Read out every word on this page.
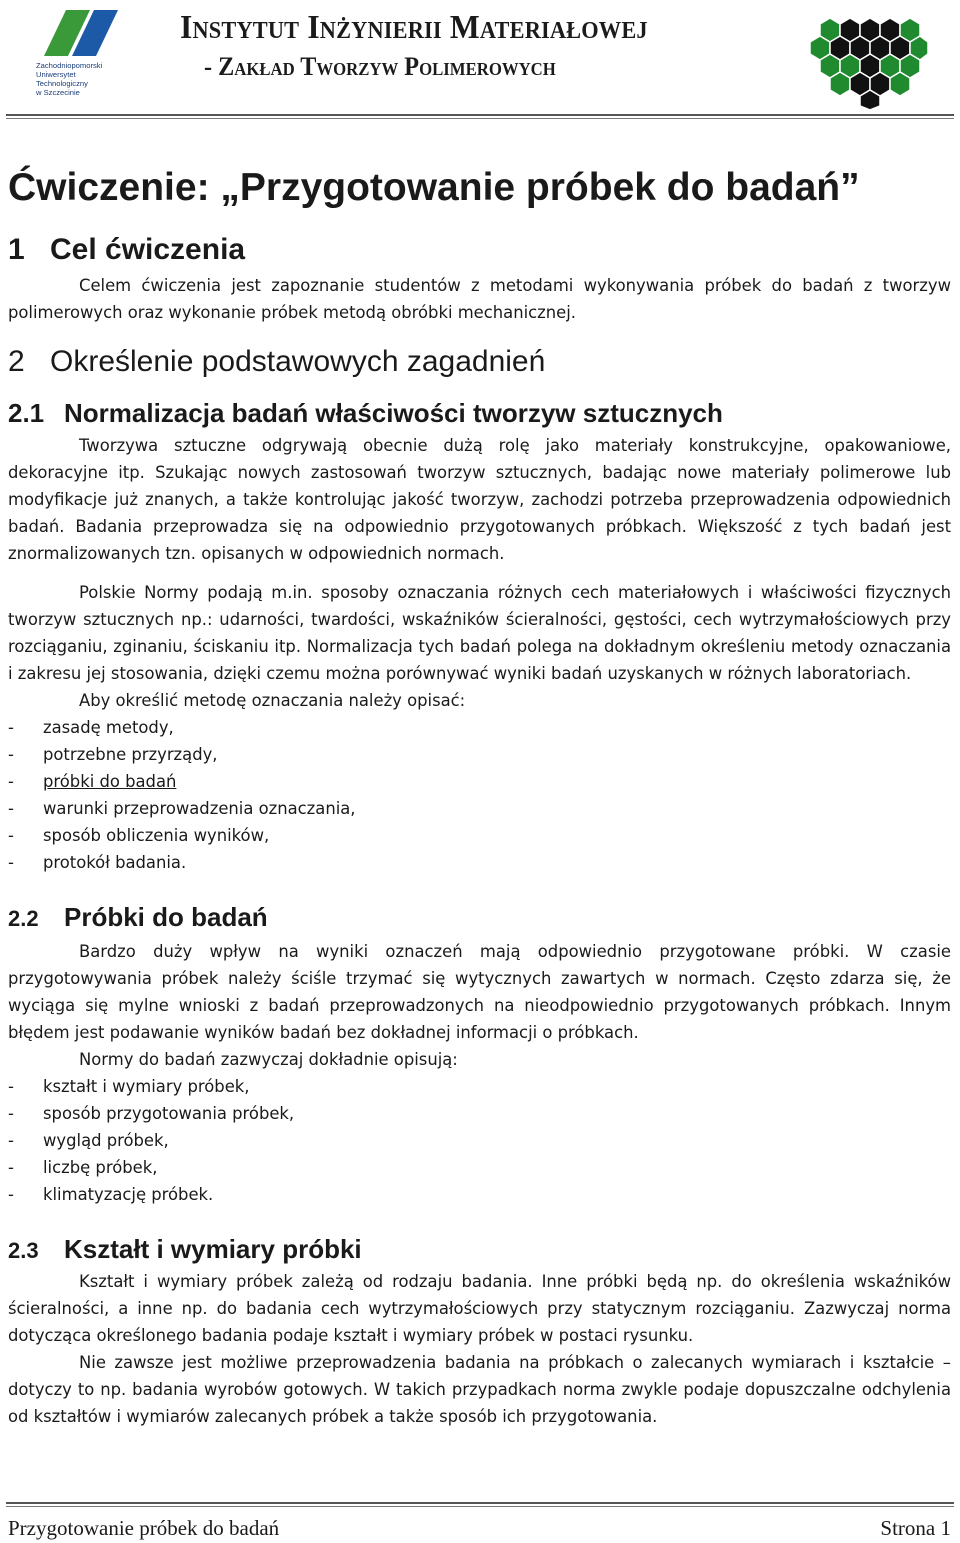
Zachodniopomorski
Uniwersytet
Technologiczny
w Szczecinie
Instytut Inżynierii Materiałowej
- Zakład Tworzyw Polimerowych
Ćwiczenie: „Przygotowanie próbek do badań”
1 Cel ćwiczenia

Celem ćwiczenia jest zapoznanie studentów z metodami wykonywania próbek do badań z tworzyw polimerowych oraz wykonanie próbek metodą obróbki mechanicznej.

2 Określenie podstawowych zagadnień
2.1 Normalizacja badań właściwości tworzyw sztucznych

Tworzywa sztuczne odgrywają obecnie dużą rolę jako materiały konstrukcyjne, opakowaniowe, dekoracyjne itp. Szukając nowych zastosowań tworzyw sztucznych, badając nowe materiały polimerowe lub modyfikacje już znanych, a także kontrolując jakość tworzyw, zachodzi potrzeba przeprowadzenia odpowiednich badań. Badania przeprowadza się na odpowiednio przygotowanych próbkach. Większość z tych badań jest znormalizowanych tzn. opisanych w odpowiednich normach.

Polskie Normy podają m.in. sposoby oznaczania różnych cech materiałowych i właściwości fizycznych tworzyw sztucznych np.: udarności, twardości, wskaźników ścieralności, gęstości, cech wytrzymałościowych przy rozciąganiu, zginaniu, ściskaniu itp. Normalizacja tych badań polega na dokładnym określeniu metody oznaczania i zakresu jej stosowania, dzięki czemu można porównywać wyniki badań uzyskanych w różnych laboratoriach.

Aby określić metodę oznaczania należy opisać:

- zasadę metody,
- potrzebne przyrządy,
- próbki do badań
- warunki przeprowadzenia oznaczania,
- sposób obliczenia wyników,
- protokół badania.
2.2 Próbki do badań

Bardzo duży wpływ na wyniki oznaczeń mają odpowiednio przygotowane próbki. W czasie przygotowywania próbek należy ściśle trzymać się wytycznych zawartych w normach. Często zdarza się, że wyciąga się mylne wnioski z badań przeprowadzonych na nieodpowiednio przygotowanych próbkach. Innym błędem jest podawanie wyników badań bez dokładnej informacji o próbkach.

Normy do badań zazwyczaj dokładnie opisują:

- kształt i wymiary próbek,
- sposób przygotowania próbek,
- wygląd próbek,
- liczbę próbek,
- klimatyzację próbek.
2.3 Kształt i wymiary próbki

Kształt i wymiary próbek zależą od rodzaju badania. Inne próbki będą np. do określenia wskaźników ścieralności, a inne np. do badania cech wytrzymałościowych przy statycznym rozciąganiu. Zazwyczaj norma dotycząca określonego badania podaje kształt i wymiary próbek w postaci rysunku.

Nie zawsze jest możliwe przeprowadzenia badania na próbkach o zalecanych wymiarach i kształcie – dotyczy to np. badania wyrobów gotowych. W takich przypadkach norma zwykle podaje dopuszczalne odchylenia od kształtów i wymiarów zalecanych próbek a także sposób ich przygotowania.

Przygotowanie próbek do badań	Strona 1
